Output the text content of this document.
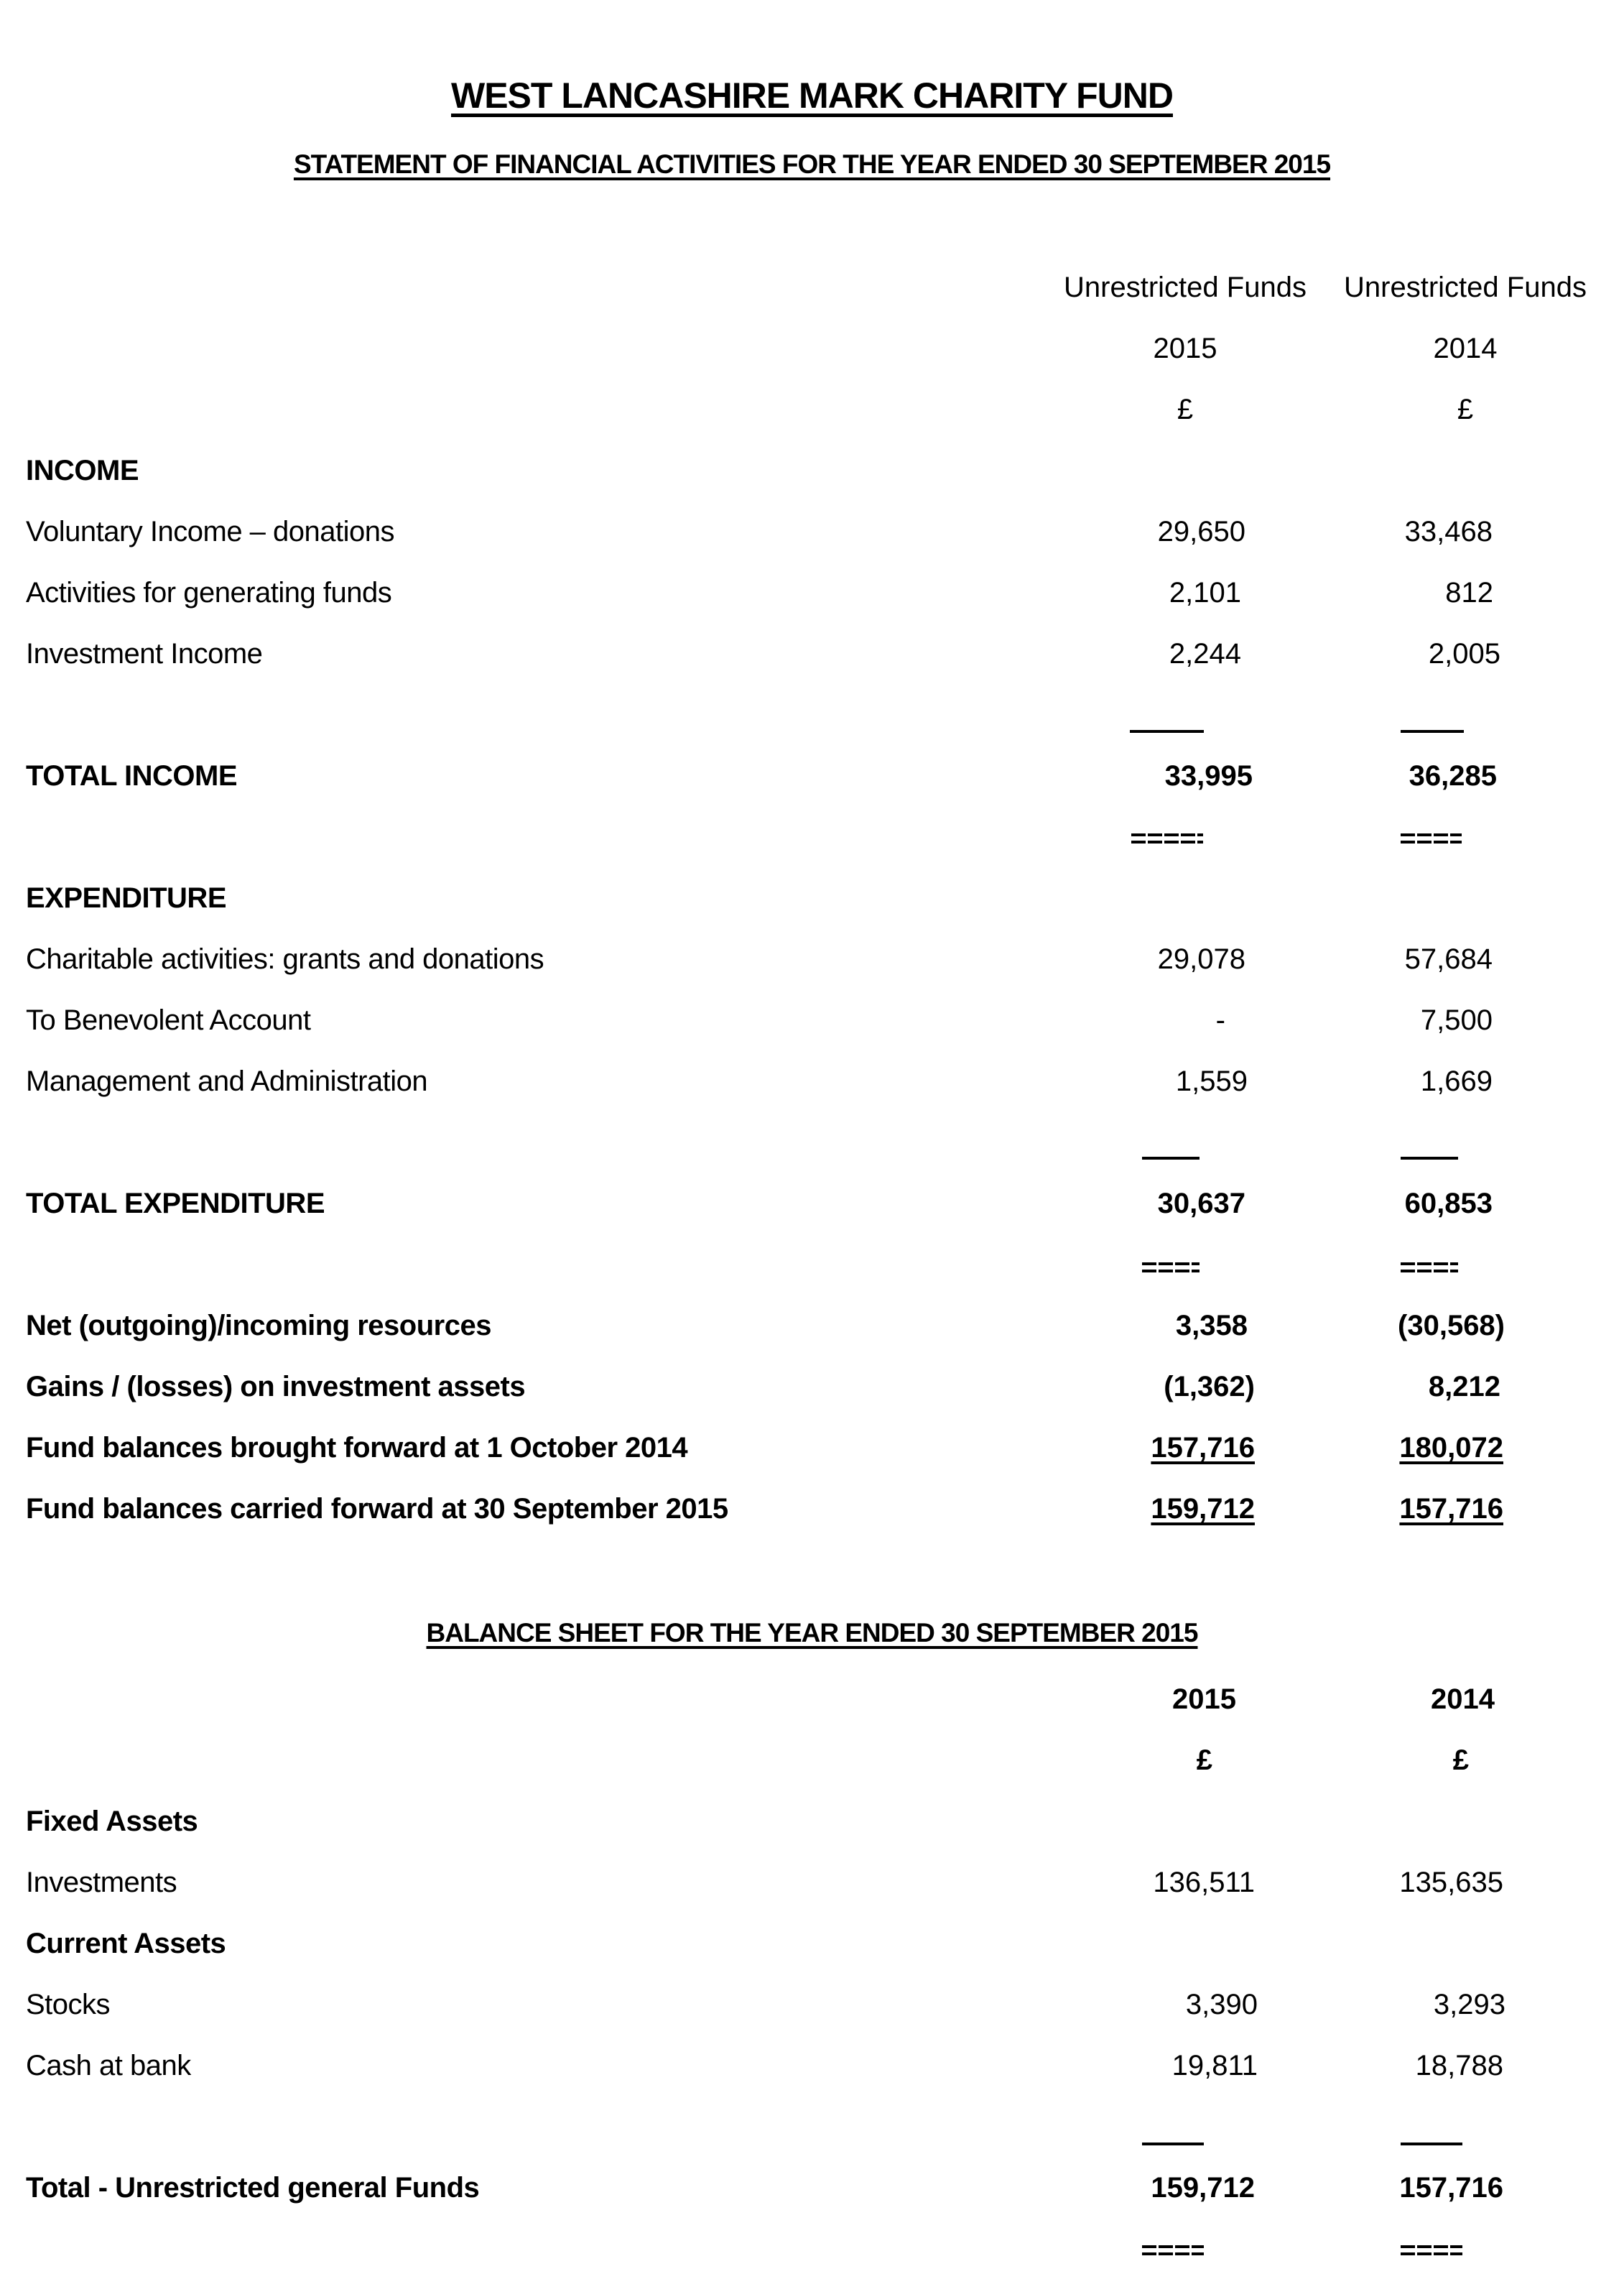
WEST LANCASHIRE MARK CHARITY FUND
STATEMENT OF FINANCIAL ACTIVITIES FOR THE YEAR ENDED 30 SEPTEMBER 2015
Unrestricted Funds	Unrestricted Funds
2015	2014
£	£
INCOME
Voluntary Income – donations	29,650	33,468
Activities for generating funds	2,101	812
Investment Income	2,244	2,005
TOTAL INCOME	33,995	36,285
EXPENDITURE
Charitable activities: grants and donations	29,078	57,684
To Benevolent Account	-	7,500
Management and Administration	1,559	1,669
TOTAL EXPENDITURE	30,637	60,853
Net (outgoing)/incoming resources	3,358	(30,568)
Gains / (losses) on investment assets	(1,362)	8,212
Fund balances brought forward at 1 October 2014	157,716	180,072
Fund balances carried forward at 30 September 2015	159,712	157,716
BALANCE SHEET FOR THE YEAR ENDED 30 SEPTEMBER 2015
2015	2014
£	£
Fixed Assets
Investments	136,511	135,635
Current Assets
Stocks	3,390	3,293
Cash at bank	19,811	18,788
Total - Unrestricted general Funds	159,712	157,716
